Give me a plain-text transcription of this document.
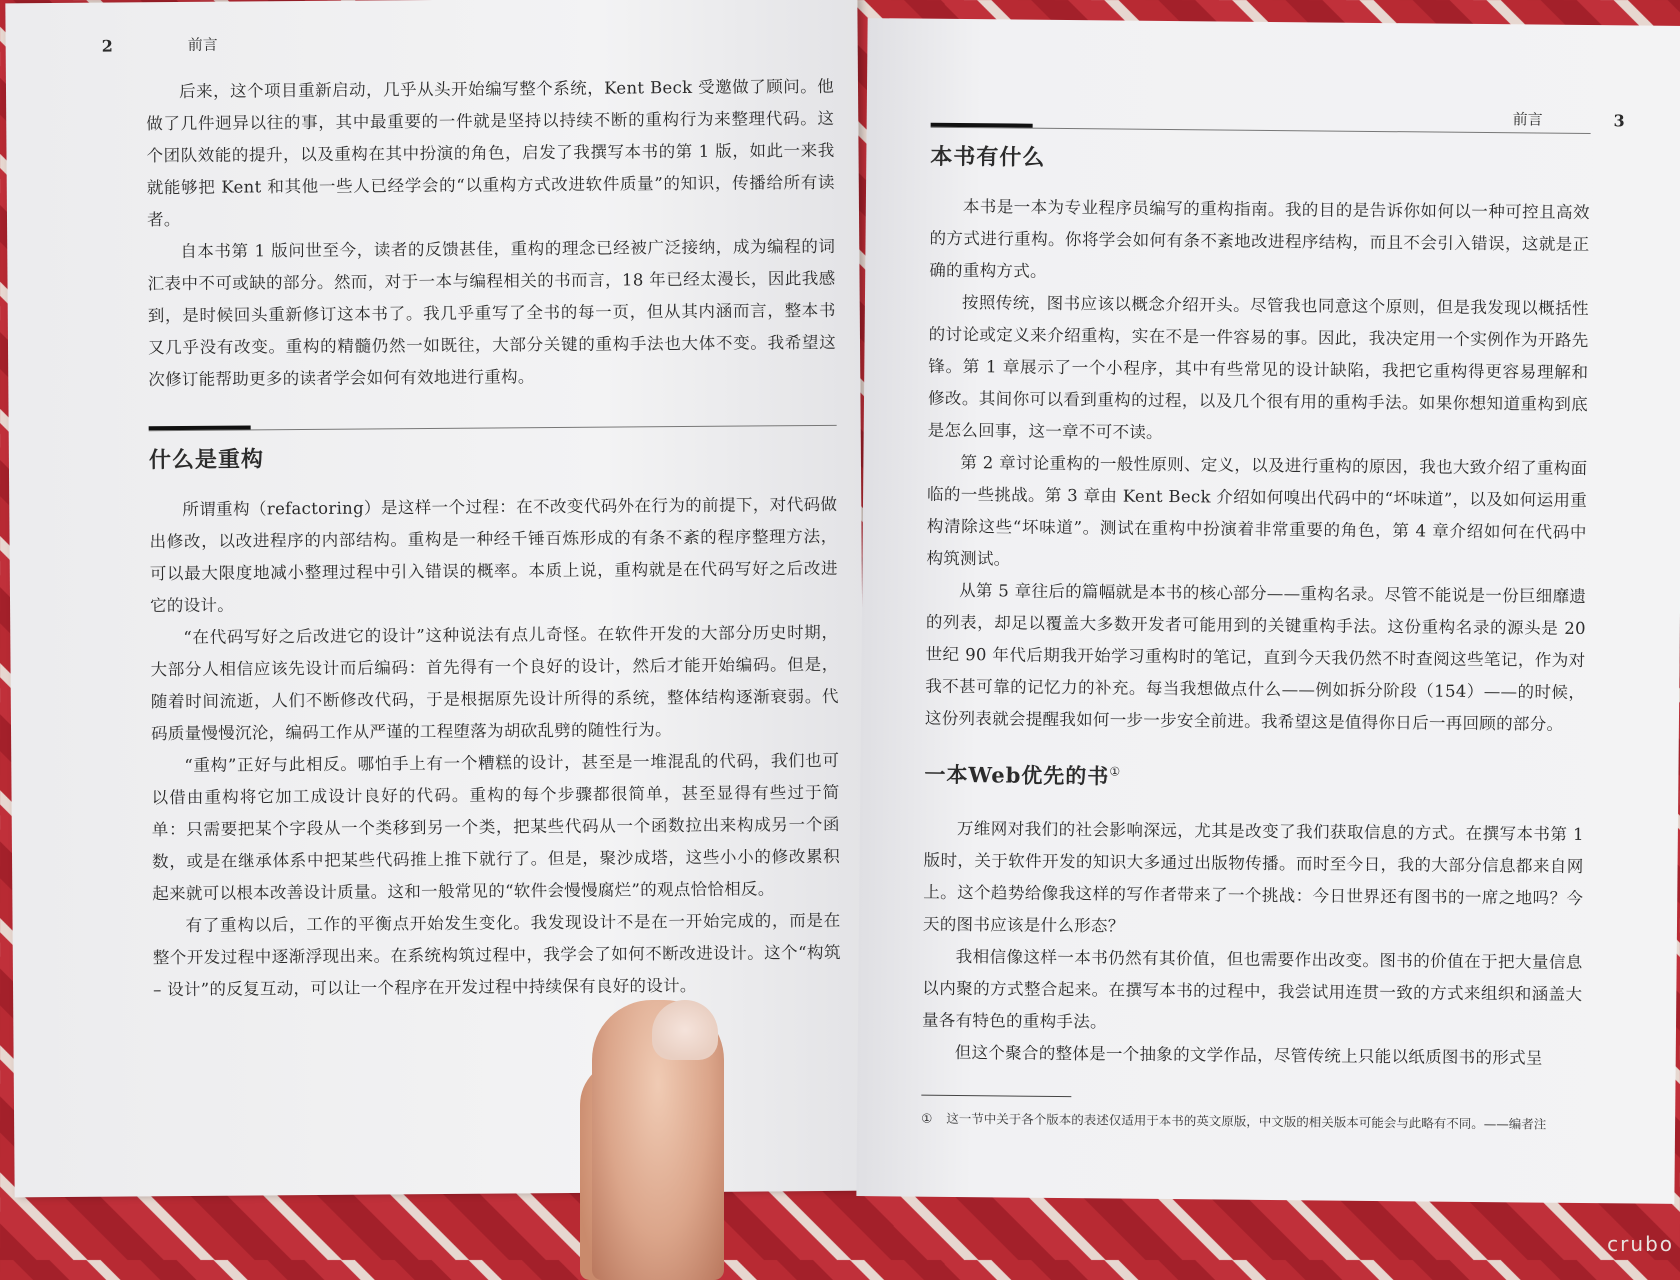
2	前言

后来，这个项目重新启动，几乎从头开始编写整个系统，Kent Beck 受邀做了顾问。他做了几件迥异以往的事，其中最重要的一件就是坚持以持续不断的重构行为来整理代码。这个团队效能的提升，以及重构在其中扮演的角色，启发了我撰写本书的第 1 版，如此一来我就能够把 Kent 和其他一些人已经学会的“以重构方式改进软件质量”的知识，传播给所有读者。

自本书第 1 版问世至今，读者的反馈甚佳，重构的理念已经被广泛接纳，成为编程的词汇表中不可或缺的部分。然而，对于一本与编程相关的书而言，18 年已经太漫长，因此我感到，是时候回头重新修订这本书了。我几乎重写了全书的每一页，但从其内涵而言，整本书又几乎没有改变。重构的精髓仍然一如既往，大部分关键的重构手法也大体不变。我希望这次修订能帮助更多的读者学会如何有效地进行重构。

什么是重构

所谓重构（refactoring）是这样一个过程：在不改变代码外在行为的前提下，对代码做出修改，以改进程序的内部结构。重构是一种经千锤百炼形成的有条不紊的程序整理方法，可以最大限度地减小整理过程中引入错误的概率。本质上说，重构就是在代码写好之后改进它的设计。

“在代码写好之后改进它的设计”这种说法有点儿奇怪。在软件开发的大部分历史时期，大部分人相信应该先设计而后编码：首先得有一个良好的设计，然后才能开始编码。但是，随着时间流逝，人们不断修改代码，于是根据原先设计所得的系统，整体结构逐渐衰弱。代码质量慢慢沉沦，编码工作从严谨的工程堕落为胡砍乱劈的随性行为。

“重构”正好与此相反。哪怕手上有一个糟糕的设计，甚至是一堆混乱的代码，我们也可以借由重构将它加工成设计良好的代码。重构的每个步骤都很简单，甚至显得有些过于简单：只需要把某个字段从一个类移到另一个类，把某些代码从一个函数拉出来构成另一个函数，或是在继承体系中把某些代码推上推下就行了。但是，聚沙成塔，这些小小的修改累积起来就可以根本改善设计质量。这和一般常见的“软件会慢慢腐烂”的观点恰恰相反。

有了重构以后，工作的平衡点开始发生变化。我发现设计不是在一开始完成的，而是在整个开发过程中逐渐浮现出来。在系统构筑过程中，我学会了如何不断改进设计。这个“构筑 – 设计”的反复互动，可以让一个程序在开发过程中持续保有良好的设计。

前言	3
本书有什么

本书是一本为专业程序员编写的重构指南。我的目的是告诉你如何以一种可控且高效的方式进行重构。你将学会如何有条不紊地改进程序结构，而且不会引入错误，这就是正确的重构方式。

按照传统，图书应该以概念介绍开头。尽管我也同意这个原则，但是我发现以概括性的讨论或定义来介绍重构，实在不是一件容易的事。因此，我决定用一个实例作为开路先锋。第 1 章展示了一个小程序，其中有些常见的设计缺陷，我把它重构得更容易理解和修改。其间你可以看到重构的过程，以及几个很有用的重构手法。如果你想知道重构到底是怎么回事，这一章不可不读。

第 2 章讨论重构的一般性原则、定义，以及进行重构的原因，我也大致介绍了重构面临的一些挑战。第 3 章由 Kent Beck 介绍如何嗅出代码中的“坏味道”，以及如何运用重构清除这些“坏味道”。测试在重构中扮演着非常重要的角色，第 4 章介绍如何在代码中构筑测试。

从第 5 章往后的篇幅就是本书的核心部分——重构名录。尽管不能说是一份巨细靡遗的列表，却足以覆盖大多数开发者可能用到的关键重构手法。这份重构名录的源头是 20 世纪 90 年代后期我开始学习重构时的笔记，直到今天我仍然不时查阅这些笔记，作为对我不甚可靠的记忆力的补充。每当我想做点什么——例如拆分阶段（154）——的时候，这份列表就会提醒我如何一步一步安全前进。我希望这是值得你日后一再回顾的部分。

一本Web优先的书①

万维网对我们的社会影响深远，尤其是改变了我们获取信息的方式。在撰写本书第 1 版时，关于软件开发的知识大多通过出版物传播。而时至今日，我的大部分信息都来自网上。这个趋势给像我这样的写作者带来了一个挑战：今日世界还有图书的一席之地吗？今天的图书应该是什么形态？

我相信像这样一本书仍然有其价值，但也需要作出改变。图书的价值在于把大量信息以内聚的方式整合起来。在撰写本书的过程中，我尝试用连贯一致的方式来组织和涵盖大量各有特色的重构手法。

但这个聚合的整体是一个抽象的文学作品，尽管传统上只能以纸质图书的形式呈

① 这一节中关于各个版本的表述仅适用于本书的英文原版，中文版的相关版本可能会与此略有不同。——编者注
crubo
